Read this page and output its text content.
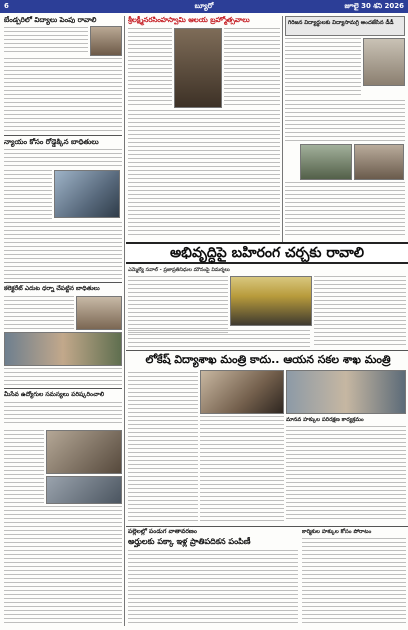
6	బ్యూరో	జూలై 30 శని 2026
బేండ్పరిలో విద్యాలు పెంపు రావాలి
న్యాయం కోసం రోడ్డెక్కిన బాధితులు
కలెక్టరేట్ ఎదుట ధర్నా చేపట్టిన బాధితులు
మీసేవ ఉద్యోగుల సమస్యలు పరిష్కరించాలి
శ్రీలక్ష్మీనరసింహస్వామి ఆలయ బ్రహ్మోత్సవాలు	గిరిజన విద్యార్థులకు విద్యాసామగ్రి అందజేసిన డీడీ
అభివృద్ధిపై బహిరంగ చర్చకు రావాలి
ఎమ్మెల్యే సవాల్ - ప్రజాప్రతినిధుల మౌనంపై విమర్శలు
లోకేష్ విద్యాశాఖ మంత్రి కాదు.. ఆయన సకల శాఖ మంత్రి
మానవ హక్కుల పరిరక్షణ కార్యక్రమం
పల్లెలల్లో పండుగ వాతావరణం
అర్హులకు పక్కా ఇళ్ల ప్రాతిపదికన పంపిణీ
కార్మికుల హక్కుల కోసం పోరాటం
